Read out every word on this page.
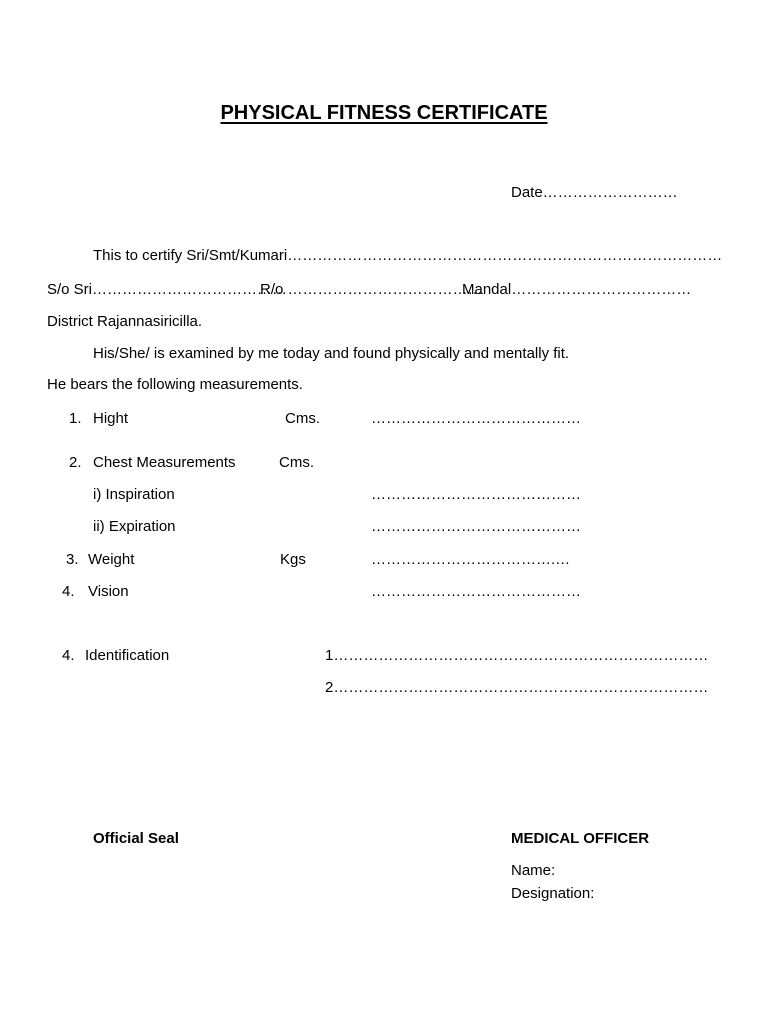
PHYSICAL FITNESS CERTIFICATE
Date………………………
This to certify Sri/Smt/Kumari……………………………………………………………………………
S/o Sri…………………………………
R/o …………………………………
Mandal………………………………
District Rajannasiricilla.
His/She/ is examined by me today and found physically and mentally fit.
He bears the following measurements.
1. Hight	Cms.	……………………………………
2. Chest Measurements	Cms.
i) Inspiration	……………………………………
ii) Expiration	……………………………………
3. Weight	Kgs	……………………………….…
4. Vision	……………………………………
4. Identification	1…………………………………………………………………
2…………………………………………………………………
Official Seal	MEDICAL OFFICER
Name:
Designation:
